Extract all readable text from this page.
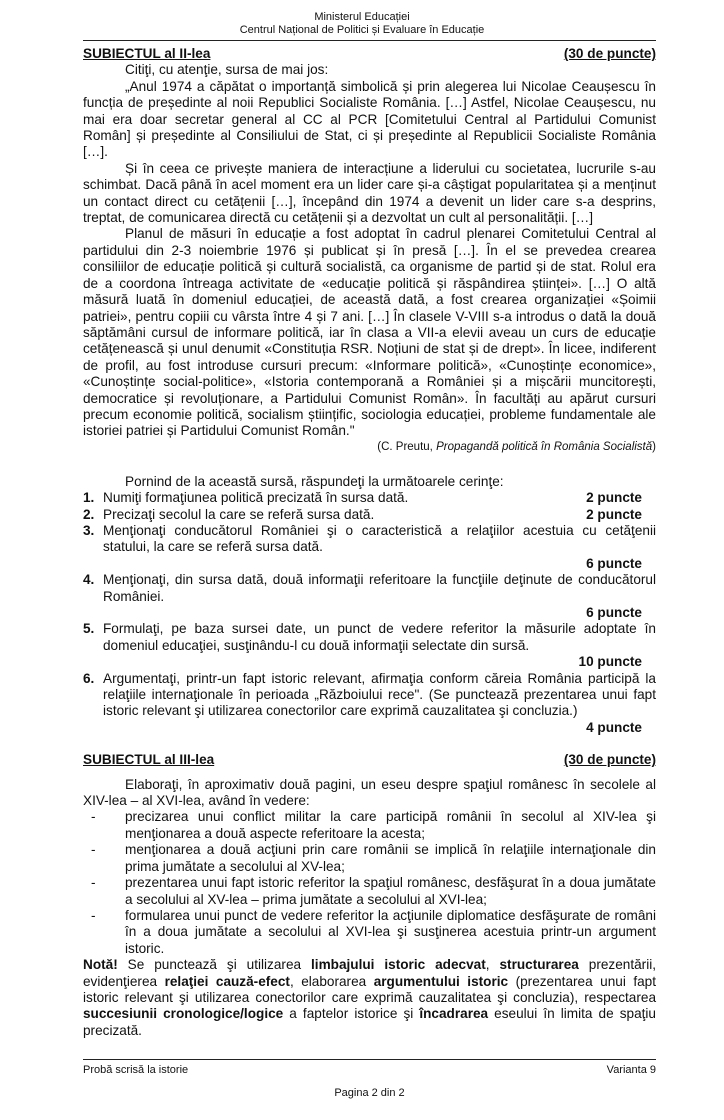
Ministerul Educației
Centrul Național de Politici și Evaluare în Educație
SUBIECTUL al II-lea	(30 de puncte)

Citiţi, cu atenţie, sursa de mai jos:

„Anul 1974 a căpătat o importanță simbolică și prin alegerea lui Nicolae Ceaușescu în funcția de președinte al noii Republici Socialiste România. […] Astfel, Nicolae Ceaușescu, nu mai era doar secretar general al CC al PCR [Comitetului Central al Partidului Comunist Român] și președinte al Consiliului de Stat, ci și președinte al Republicii Socialiste România […].

Și în ceea ce privește maniera de interacțiune a liderului cu societatea, lucrurile s-au schimbat. Dacă până în acel moment era un lider care și-a câștigat popularitatea și a menținut un contact direct cu cetățenii […], începând din 1974 a devenit un lider care s-a desprins, treptat, de comunicarea directă cu cetățenii și a dezvoltat un cult al personalității. […]

Planul de măsuri în educație a fost adoptat în cadrul plenarei Comitetului Central al partidului din 2-3 noiembrie 1976 și publicat și în presă […]. În el se prevedea crearea consiliilor de educație politică și cultură socialistă, ca organisme de partid și de stat. Rolul era de a coordona întreaga activitate de «educație politică și răspândirea științei». […] O altă măsură luată în domeniul educației, de această dată, a fost crearea organizației «Șoimii patriei», pentru copiii cu vârsta între 4 și 7 ani. […] În clasele V-VIII s-a introdus o dată la două săptămâni cursul de informare politică, iar în clasa a VII-a elevii aveau un curs de educație cetățenească și unul denumit «Constituția RSR. Noțiuni de stat și de drept». În licee, indiferent de profil, au fost introduse cursuri precum: «Informare politică», «Cunoștințe economice», «Cunoștințe social-politice», «Istoria contemporană a României și a mișcării muncitorești, democratice și revoluționare, a Partidului Comunist Român». În facultăți au apărut cursuri precum economie politică, socialism științific, sociologia educației, probleme fundamentale ale istoriei patriei și Partidului Comunist Român."

(C. Preutu, Propagandă politică în România Socialistă)

Pornind de la această sursă, răspundeţi la următoarele cerinţe:

1.	2 puncte
Numiţi formaţiunea politică precizată în sursa dată.
2.	2 puncte
Precizaţi secolul la care se referă sursa dată.
3. Menţionaţi conducătorul României şi o caracteristică a relaţiilor acestuia cu cetăţenii statului, la care se referă sursa dată.
6 puncte
4. Menţionaţi, din sursa dată, două informaţii referitoare la funcţiile deţinute de conducătorul României.
6 puncte
5. Formulaţi, pe baza sursei date, un punct de vedere referitor la măsurile adoptate în domeniul educaţiei, susţinându-l cu două informaţii selectate din sursă.
10 puncte
6. Argumentaţi, printr-un fapt istoric relevant, afirmaţia conform căreia România participă la relaţiile internaţionale în perioada „Războiului rece". (Se punctează prezentarea unui fapt istoric relevant şi utilizarea conectorilor care exprimă cauzalitatea şi concluzia.)
4 puncte
SUBIECTUL al III-lea	(30 de puncte)

Elaboraţi, în aproximativ două pagini, un eseu despre spaţiul românesc în secolele al XIV-lea – al XVI-lea, având în vedere:

-	precizarea unui conflict militar la care participă românii în secolul al XIV-lea şi menţionarea a două aspecte referitoare la acesta;
-	menţionarea a două acţiuni prin care românii se implică în relaţiile internaţionale din prima jumătate a secolului al XV-lea;
-	prezentarea unui fapt istoric referitor la spaţiul românesc, desfăşurat în a doua jumătate a secolului al XV-lea – prima jumătate a secolului al XVI-lea;
-	formularea unui punct de vedere referitor la acţiunile diplomatice desfăşurate de români în a doua jumătate a secolului al XVI-lea şi susţinerea acestuia printr-un argument istoric.

Notă! Se punctează şi utilizarea limbajului istoric adecvat, structurarea prezentării, evidenţierea relaţiei cauză-efect, elaborarea argumentului istoric (prezentarea unui fapt istoric relevant şi utilizarea conectorilor care exprimă cauzalitatea şi concluzia), respectarea succesiunii cronologice/logice a faptelor istorice şi încadrarea eseului în limita de spaţiu precizată.

Probă scrisă la istorie	Varianta 9
Pagina 2 din 2
